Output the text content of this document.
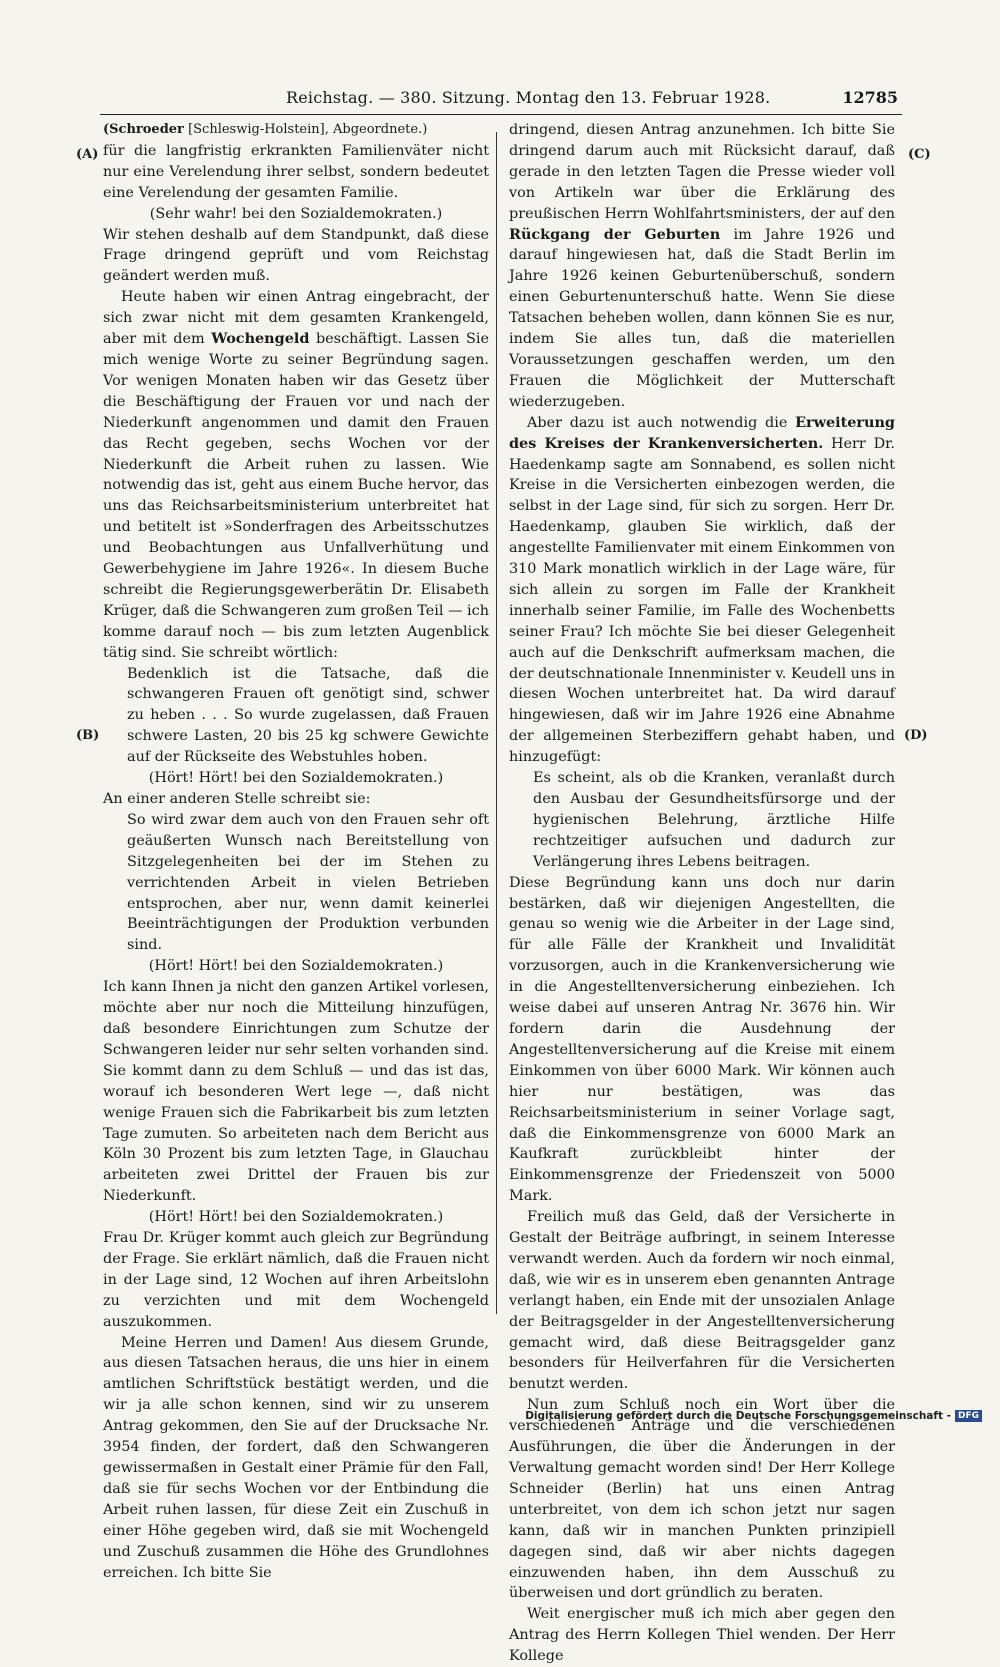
Reichstag. — 380. Sitzung. Montag den 13. Februar 1928.	12785
(A)
(B)
(C)
(D)

(Schroeder [Schleswig-Holstein], Abgeordnete.)

für die langfristig erkrankten Familienväter nicht nur eine Verelendung ihrer selbst, sondern bedeutet eine Verelendung der gesamten Familie.

(Sehr wahr! bei den Sozialdemokraten.)

Wir stehen deshalb auf dem Standpunkt, daß diese Frage dringend geprüft und vom Reichstag geändert werden muß.

Heute haben wir einen Antrag eingebracht, der sich zwar nicht mit dem gesamten Krankengeld, aber mit dem Wochengeld beschäftigt. Lassen Sie mich wenige Worte zu seiner Begründung sagen. Vor wenigen Monaten haben wir das Gesetz über die Beschäftigung der Frauen vor und nach der Niederkunft angenommen und damit den Frauen das Recht gegeben, sechs Wochen vor der Niederkunft die Arbeit ruhen zu lassen. Wie notwendig das ist, geht aus einem Buche hervor, das uns das Reichsarbeitsministerium unterbreitet hat und betitelt ist »Sonderfragen des Arbeitsschutzes und Beobachtungen aus Unfallverhütung und Gewerbehygiene im Jahre 1926«. In diesem Buche schreibt die Regierungsgewerberätin Dr. Elisabeth Krüger, daß die Schwangeren zum großen Teil — ich komme darauf noch — bis zum letzten Augenblick tätig sind. Sie schreibt wörtlich:

Bedenklich ist die Tatsache, daß die schwangeren Frauen oft genötigt sind, schwer zu heben . . . So wurde zugelassen, daß Frauen schwere Lasten, 20 bis 25 kg schwere Gewichte auf der Rückseite des Webstuhles hoben.

(Hört! Hört! bei den Sozialdemokraten.)

An einer anderen Stelle schreibt sie:

So wird zwar dem auch von den Frauen sehr oft geäußerten Wunsch nach Bereitstellung von Sitzgelegenheiten bei der im Stehen zu verrichtenden Arbeit in vielen Betrieben entsprochen, aber nur, wenn damit keinerlei Beeinträchtigungen der Produktion verbunden sind.

(Hört! Hört! bei den Sozialdemokraten.)

Ich kann Ihnen ja nicht den ganzen Artikel vorlesen, möchte aber nur noch die Mitteilung hinzufügen, daß besondere Einrichtungen zum Schutze der Schwangeren leider nur sehr selten vorhanden sind. Sie kommt dann zu dem Schluß — und das ist das, worauf ich besonderen Wert lege —, daß nicht wenige Frauen sich die Fabrikarbeit bis zum letzten Tage zumuten. So arbeiteten nach dem Bericht aus Köln 30 Prozent bis zum letzten Tage, in Glauchau arbeiteten zwei Drittel der Frauen bis zur Niederkunft.

(Hört! Hört! bei den Sozialdemokraten.)

Frau Dr. Krüger kommt auch gleich zur Begründung der Frage. Sie erklärt nämlich, daß die Frauen nicht in der Lage sind, 12 Wochen auf ihren Arbeitslohn zu verzichten und mit dem Wochengeld auszukommen.

Meine Herren und Damen! Aus diesem Grunde, aus diesen Tatsachen heraus, die uns hier in einem amtlichen Schriftstück bestätigt werden, und die wir ja alle schon kennen, sind wir zu unserem Antrag gekommen, den Sie auf der Drucksache Nr. 3954 finden, der fordert, daß den Schwangeren gewissermaßen in Gestalt einer Prämie für den Fall, daß sie für sechs Wochen vor der Entbindung die Arbeit ruhen lassen, für diese Zeit ein Zuschuß in einer Höhe gegeben wird, daß sie mit Wochengeld und Zuschuß zusammen die Höhe des Grundlohnes erreichen. Ich bitte Sie

dringend, diesen Antrag anzunehmen. Ich bitte Sie dringend darum auch mit Rücksicht darauf, daß gerade in den letzten Tagen die Presse wieder voll von Artikeln war über die Erklärung des preußischen Herrn Wohlfahrtsministers, der auf den Rückgang der Geburten im Jahre 1926 und darauf hingewiesen hat, daß die Stadt Berlin im Jahre 1926 keinen Geburtenüberschuß, sondern einen Geburtenunterschuß hatte. Wenn Sie diese Tatsachen beheben wollen, dann können Sie es nur, indem Sie alles tun, daß die materiellen Voraussetzungen geschaffen werden, um den Frauen die Möglichkeit der Mutterschaft wiederzugeben.

Aber dazu ist auch notwendig die Erweiterung des Kreises der Krankenversicherten. Herr Dr. Haedenkamp sagte am Sonnabend, es sollen nicht Kreise in die Versicherten einbezogen werden, die selbst in der Lage sind, für sich zu sorgen. Herr Dr. Haedenkamp, glauben Sie wirklich, daß der angestellte Familienvater mit einem Einkommen von 310 Mark monatlich wirklich in der Lage wäre, für sich allein zu sorgen im Falle der Krankheit innerhalb seiner Familie, im Falle des Wochenbetts seiner Frau? Ich möchte Sie bei dieser Gelegenheit auch auf die Denkschrift aufmerksam machen, die der deutschnationale Innenminister v. Keudell uns in diesen Wochen unterbreitet hat. Da wird darauf hingewiesen, daß wir im Jahre 1926 eine Abnahme der allgemeinen Sterbeziffern gehabt haben, und hinzugefügt:

Es scheint, als ob die Kranken, veranlaßt durch den Ausbau der Gesundheitsfürsorge und der hygienischen Belehrung, ärztliche Hilfe rechtzeitiger aufsuchen und dadurch zur Verlängerung ihres Lebens beitragen.

Diese Begründung kann uns doch nur darin bestärken, daß wir diejenigen Angestellten, die genau so wenig wie die Arbeiter in der Lage sind, für alle Fälle der Krankheit und Invalidität vorzusorgen, auch in die Krankenversicherung wie in die Angestelltenversicherung einbeziehen. Ich weise dabei auf unseren Antrag Nr. 3676 hin. Wir fordern darin die Ausdehnung der Angestelltenversicherung auf die Kreise mit einem Einkommen von über 6000 Mark. Wir können auch hier nur bestätigen, was das Reichsarbeitsministerium in seiner Vorlage sagt, daß die Einkommensgrenze von 6000 Mark an Kaufkraft zurückbleibt hinter der Einkommensgrenze der Friedenszeit von 5000 Mark.

Freilich muß das Geld, daß der Versicherte in Gestalt der Beiträge aufbringt, in seinem Interesse verwandt werden. Auch da fordern wir noch einmal, daß, wie wir es in unserem eben genannten Antrage verlangt haben, ein Ende mit der unsozialen Anlage der Beitragsgelder in der Angestelltenversicherung gemacht wird, daß diese Beitragsgelder ganz besonders für Heilverfahren für die Versicherten benutzt werden.

Nun zum Schluß noch ein Wort über die verschiedenen Anträge und die verschiedenen Ausführungen, die über die Änderungen in der Verwaltung gemacht worden sind! Der Herr Kollege Schneider (Berlin) hat uns einen Antrag unterbreitet, von dem ich schon jetzt nur sagen kann, daß wir in manchen Punkten prinzipiell dagegen sind, daß wir aber nichts dagegen einzuwenden haben, ihn dem Ausschuß zu überweisen und dort gründlich zu beraten.

Weit energischer muß ich mich aber gegen den Antrag des Herrn Kollegen Thiel wenden. Der Herr Kollege

Digitalisierung gefördert durch die Deutsche Forschungsgemeinschaft - DFG
